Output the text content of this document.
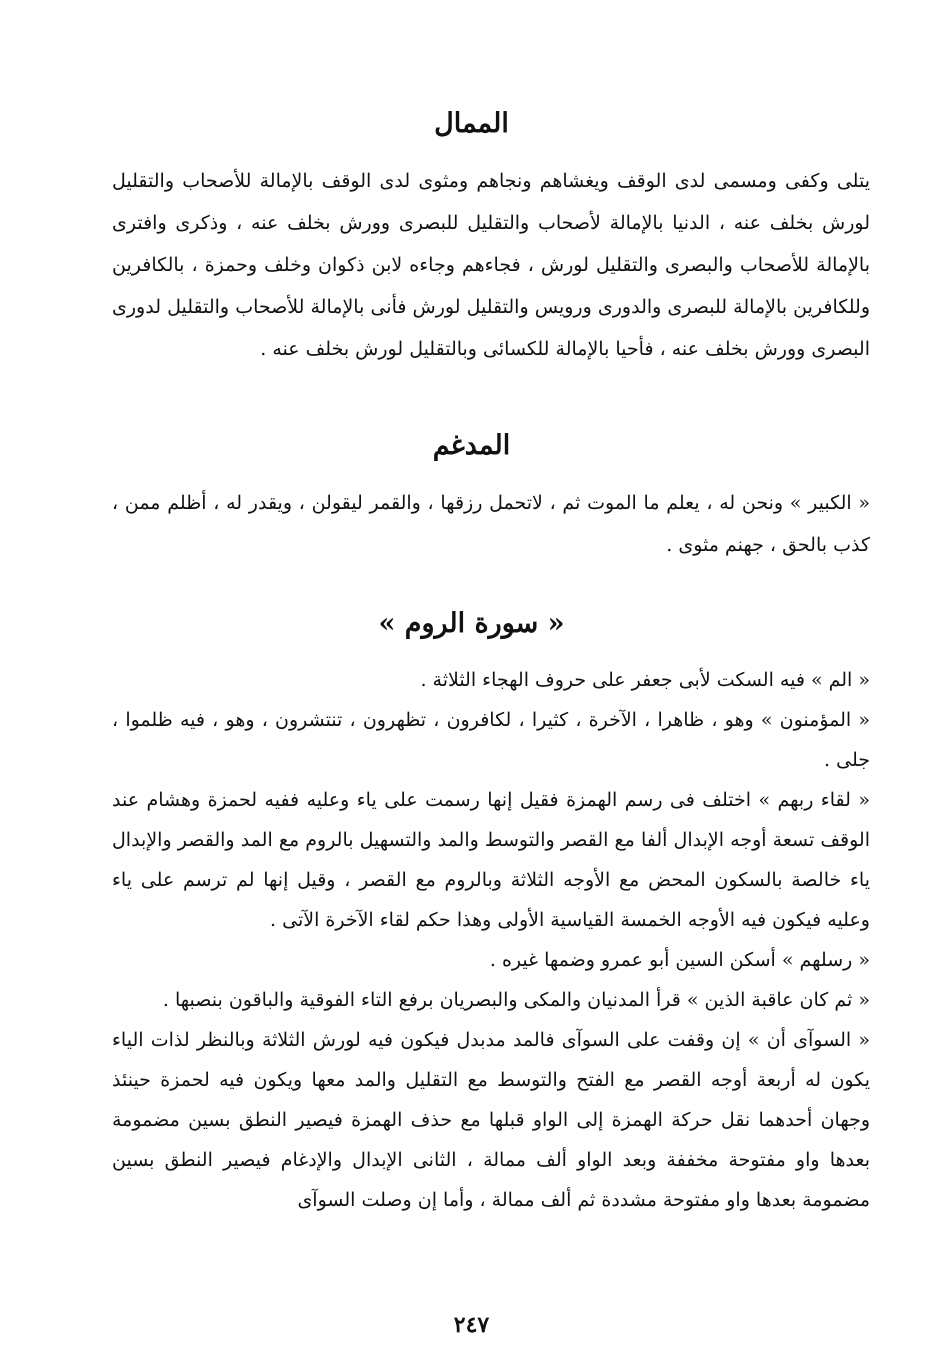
الممال

يتلى وكفى ومسمى لدى الوقف ويغشاهم ونجاهم ومثوى لدى الوقف بالإمالة للأصحاب والتقليل لورش بخلف عنه ، الدنيا بالإمالة لأصحاب والتقليل للبصرى وورش بخلف عنه ، وذكرى وافترى بالإمالة للأصحاب والبصرى والتقليل لورش ، فجاءهم وجاءه لابن ذكوان وخلف وحمزة ، بالكافرين وللكافرين بالإمالة للبصرى والدورى ورويس والتقليل لورش فأنى بالإمالة للأصحاب والتقليل لدورى البصرى وورش بخلف عنه ، فأحيا بالإمالة للكسائى وبالتقليل لورش بخلف عنه .

المدغم

« الكبير » ونحن له ، يعلم ما الموت ثم ، لاتحمل رزقها ، والقمر ليقولن ، ويقدر له ، أظلم ممن ، كذب بالحق ، جهنم مثوى .

« سورة الروم »

« الم » فيه السكت لأبى جعفر على حروف الهجاء الثلاثة .

« المؤمنون » وهو ، ظاهرا ، الآخرة ، كثيرا ، لكافرون ، تظهرون ، تنتشرون ، وهو ، فيه ظلموا ، جلى .

« لقاء ربهم » اختلف فى رسم الهمزة فقيل إنها رسمت على ياء وعليه ففيه لحمزة وهشام عند الوقف تسعة أوجه الإبدال ألفا مع القصر والتوسط والمد والتسهيل بالروم مع المد والقصر والإبدال ياء خالصة بالسكون المحض مع الأوجه الثلاثة وبالروم مع القصر ، وقيل إنها لم ترسم على ياء وعليه فيكون فيه الأوجه الخمسة القياسية الأولى وهذا حكم لقاء الآخرة الآتى .

« رسلهم » أسكن السين أبو عمرو وضمها غيره .

« ثم كان عاقبة الذين » قرأ المدنيان والمكى والبصريان برفع التاء الفوقية والباقون بنصبها .

« السوآى أن » إن وقفت على السوآى فالمد مدبدل فيكون فيه لورش الثلاثة وبالنظر لذات الياء يكون له أربعة أوجه القصر مع الفتح والتوسط مع التقليل والمد معها ويكون فيه لحمزة حينئذ وجهان أحدهما نقل حركة الهمزة إلى الواو قبلها مع حذف الهمزة فيصير النطق بسين مضمومة بعدها واو مفتوحة مخففة وبعد الواو ألف ممالة ، الثانى الإبدال والإدغام فيصير النطق بسين مضمومة بعدها واو مفتوحة مشددة ثم ألف ممالة ، وأما إن وصلت السوآى

٢٤٧
